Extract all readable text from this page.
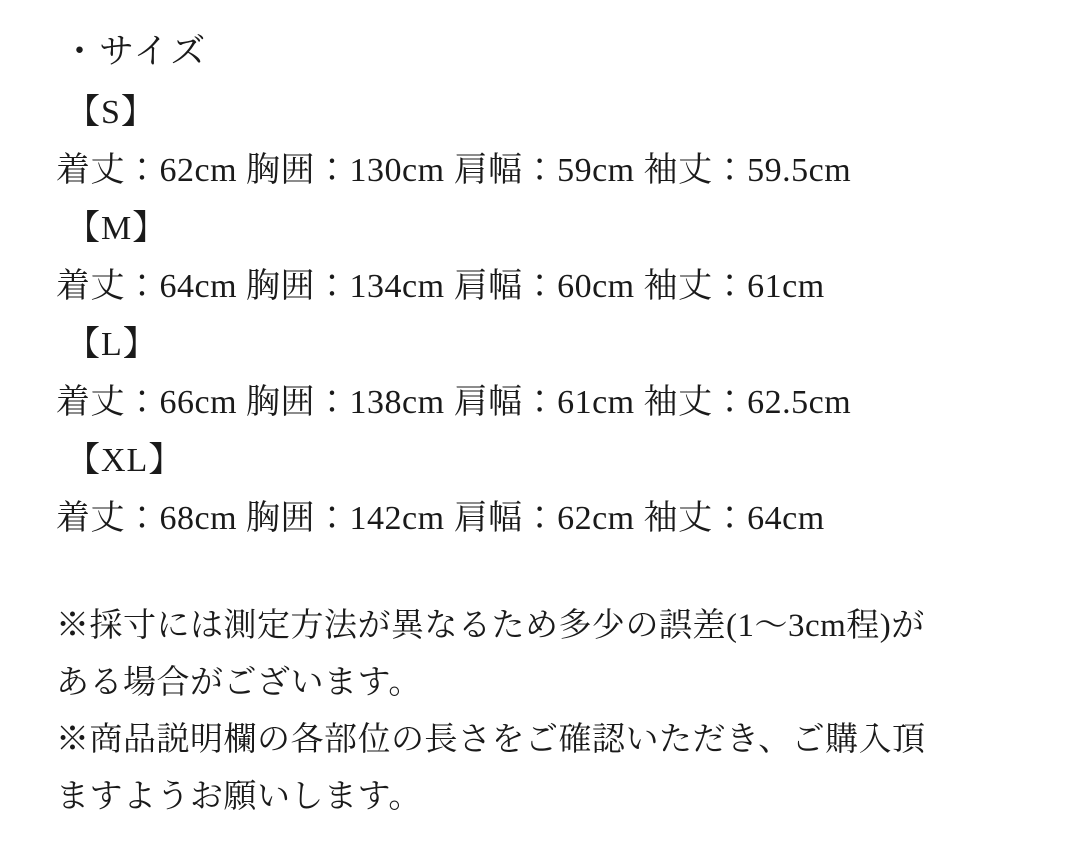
・サイズ
【S】
着丈：62cm 胸囲：130cm 肩幅：59cm 袖丈：59.5cm
【M】
着丈：64cm 胸囲：134cm 肩幅：60cm 袖丈：61cm
【L】
着丈：66cm 胸囲：138cm 肩幅：61cm 袖丈：62.5cm
【XL】
着丈：68cm 胸囲：142cm 肩幅：62cm 袖丈：64cm
※採寸には測定方法が異なるため多少の誤差(1〜3cm程)が
ある場合がございます。
※商品説明欄の各部位の長さをご確認いただき、ご購入頂
ますようお願いします。
